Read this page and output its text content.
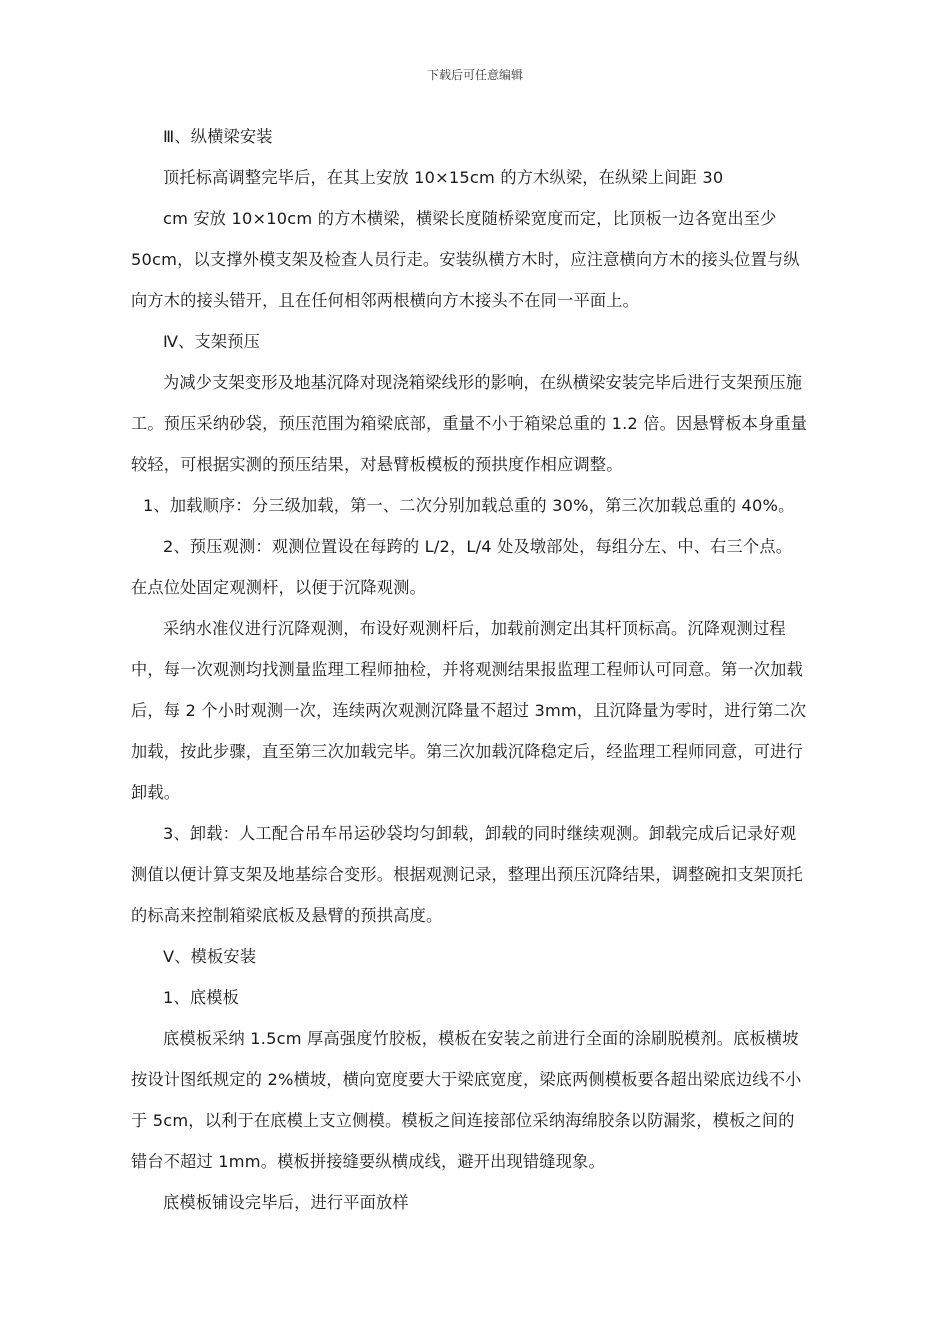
下载后可任意编辑
Ⅲ、纵横梁安装
顶托标高调整完毕后，在其上安放 10×15cm 的方木纵梁，在纵梁上间距 30
cm 安放 10×10cm 的方木横梁，横梁长度随桥梁宽度而定，比顶板一边各宽出至少
50cm，以支撑外模支架及检查人员行走。安装纵横方木时，应注意横向方木的接头位置与纵
向方木的接头错开，且在任何相邻两根横向方木接头不在同一平面上。
Ⅳ、支架预压
为减少支架变形及地基沉降对现浇箱梁线形的影响，在纵横梁安装完毕后进行支架预压施
工。预压采纳砂袋，预压范围为箱梁底部，重量不小于箱梁总重的 1.2 倍。因悬臂板本身重量
较轻，可根据实测的预压结果，对悬臂板模板的预拱度作相应调整。
1、加载顺序：分三级加载，第一、二次分别加载总重的 30%，第三次加载总重的 40%。
2、预压观测：观测位置设在每跨的 L/2，L/4 处及墩部处，每组分左、中、右三个点。
在点位处固定观测杆，以便于沉降观测。
采纳水准仪进行沉降观测，布设好观测杆后，加载前测定出其杆顶标高。沉降观测过程
中，每一次观测均找测量监理工程师抽检，并将观测结果报监理工程师认可同意。第一次加载
后，每 2 个小时观测一次，连续两次观测沉降量不超过 3mm，且沉降量为零时，进行第二次
加载，按此步骤，直至第三次加载完毕。第三次加载沉降稳定后，经监理工程师同意，可进行
卸载。
3、卸载：人工配合吊车吊运砂袋均匀卸载，卸载的同时继续观测。卸载完成后记录好观
测值以便计算支架及地基综合变形。根据观测记录，整理出预压沉降结果，调整碗扣支架顶托
的标高来控制箱梁底板及悬臂的预拱高度。
Ⅴ、模板安装
1、底模板
底模板采纳 1.5cm 厚高强度竹胶板，模板在安装之前进行全面的涂刷脱模剂。底板横坡
按设计图纸规定的 2%横坡，横向宽度要大于梁底宽度，梁底两侧模板要各超出梁底边线不小
于 5cm，以利于在底模上支立侧模。模板之间连接部位采纳海绵胶条以防漏浆，模板之间的
错台不超过 1mm。模板拼接缝要纵横成线，避开出现错缝现象。
底模板铺设完毕后，进行平面放样
